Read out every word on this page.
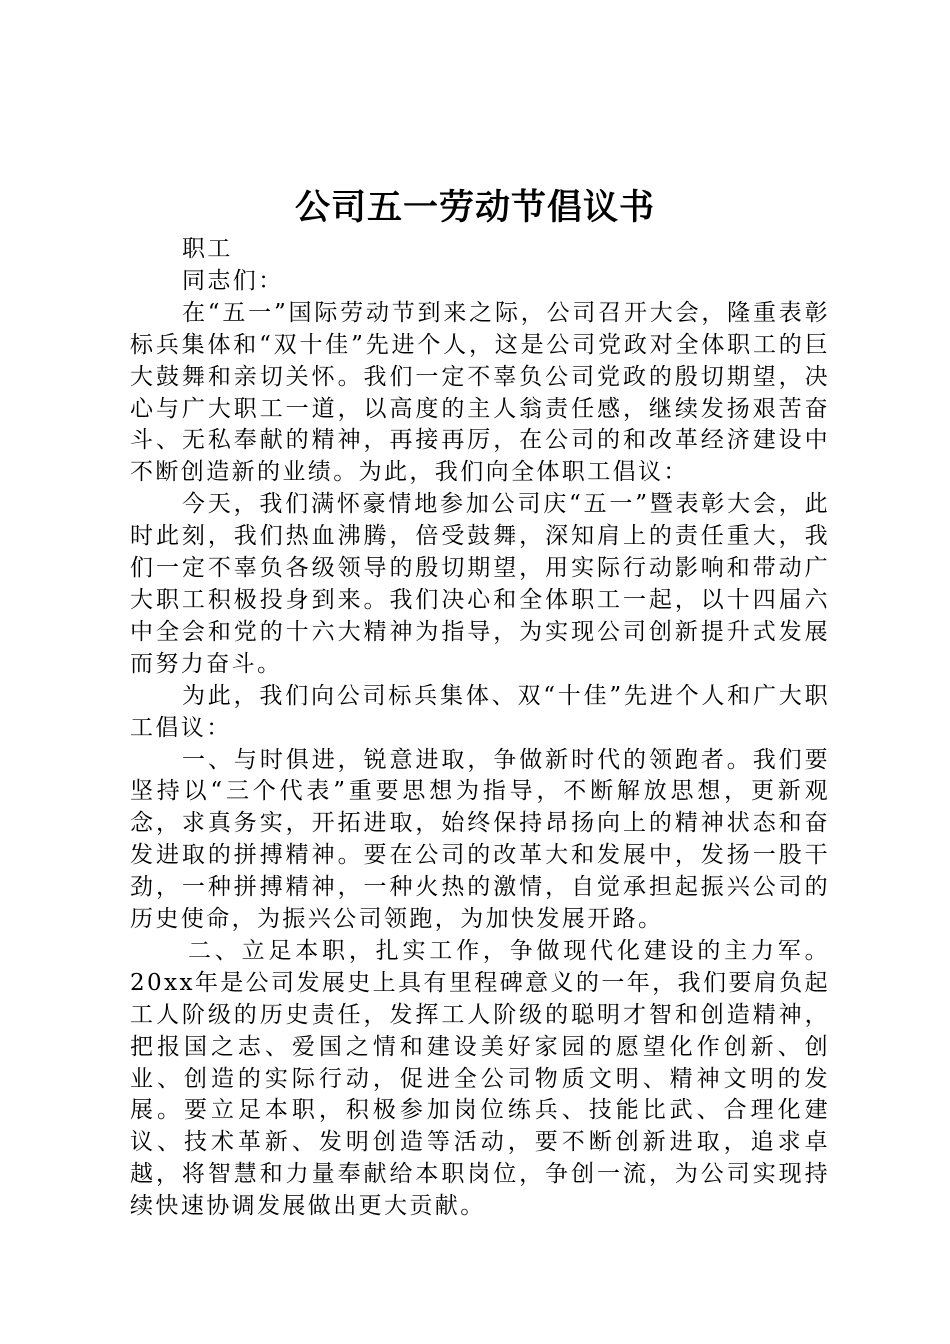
公司五一劳动节倡议书

职工

同志们：

在“五一”国际劳动节到来之际，公司召开大会，隆重表彰标兵集体和“双十佳”先进个人，这是公司党政对全体职工的巨大鼓舞和亲切关怀。我们一定不辜负公司党政的殷切期望，决心与广大职工一道，以高度的主人翁责任感，继续发扬艰苦奋斗、无私奉献的精神，再接再厉，在公司的和改革经济建设中不断创造新的业绩。为此，我们向全体职工倡议：

今天，我们满怀豪情地参加公司庆“五一”暨表彰大会，此时此刻，我们热血沸腾，倍受鼓舞，深知肩上的责任重大，我们一定不辜负各级领导的殷切期望，用实际行动影响和带动广大职工积极投身到来。我们决心和全体职工一起，以十四届六中全会和党的十六大精神为指导，为实现公司创新提升式发展而努力奋斗。

为此，我们向公司标兵集体、双“十佳”先进个人和广大职工倡议：

一、与时俱进，锐意进取，争做新时代的领跑者。我们要坚持以“三个代表”重要思想为指导，不断解放思想，更新观念，求真务实，开拓进取，始终保持昂扬向上的精神状态和奋发进取的拼搏精神。要在公司的改革大和发展中，发扬一股干劲，一种拼搏精神，一种火热的激情，自觉承担起振兴公司的历史使命，为振兴公司领跑，为加快发展开路。

二、立足本职，扎实工作，争做现代化建设的主力军。20xx年是公司发展史上具有里程碑意义的一年，我们要肩负起工人阶级的历史责任，发挥工人阶级的聪明才智和创造精神，把报国之志、爱国之情和建设美好家园的愿望化作创新、创业、创造的实际行动，促进全公司物质文明、精神文明的发展。要立足本职，积极参加岗位练兵、技能比武、合理化建议、技术革新、发明创造等活动，要不断创新进取，追求卓越，将智慧和力量奉献给本职岗位，争创一流，为公司实现持续快速协调发展做出更大贡献。
